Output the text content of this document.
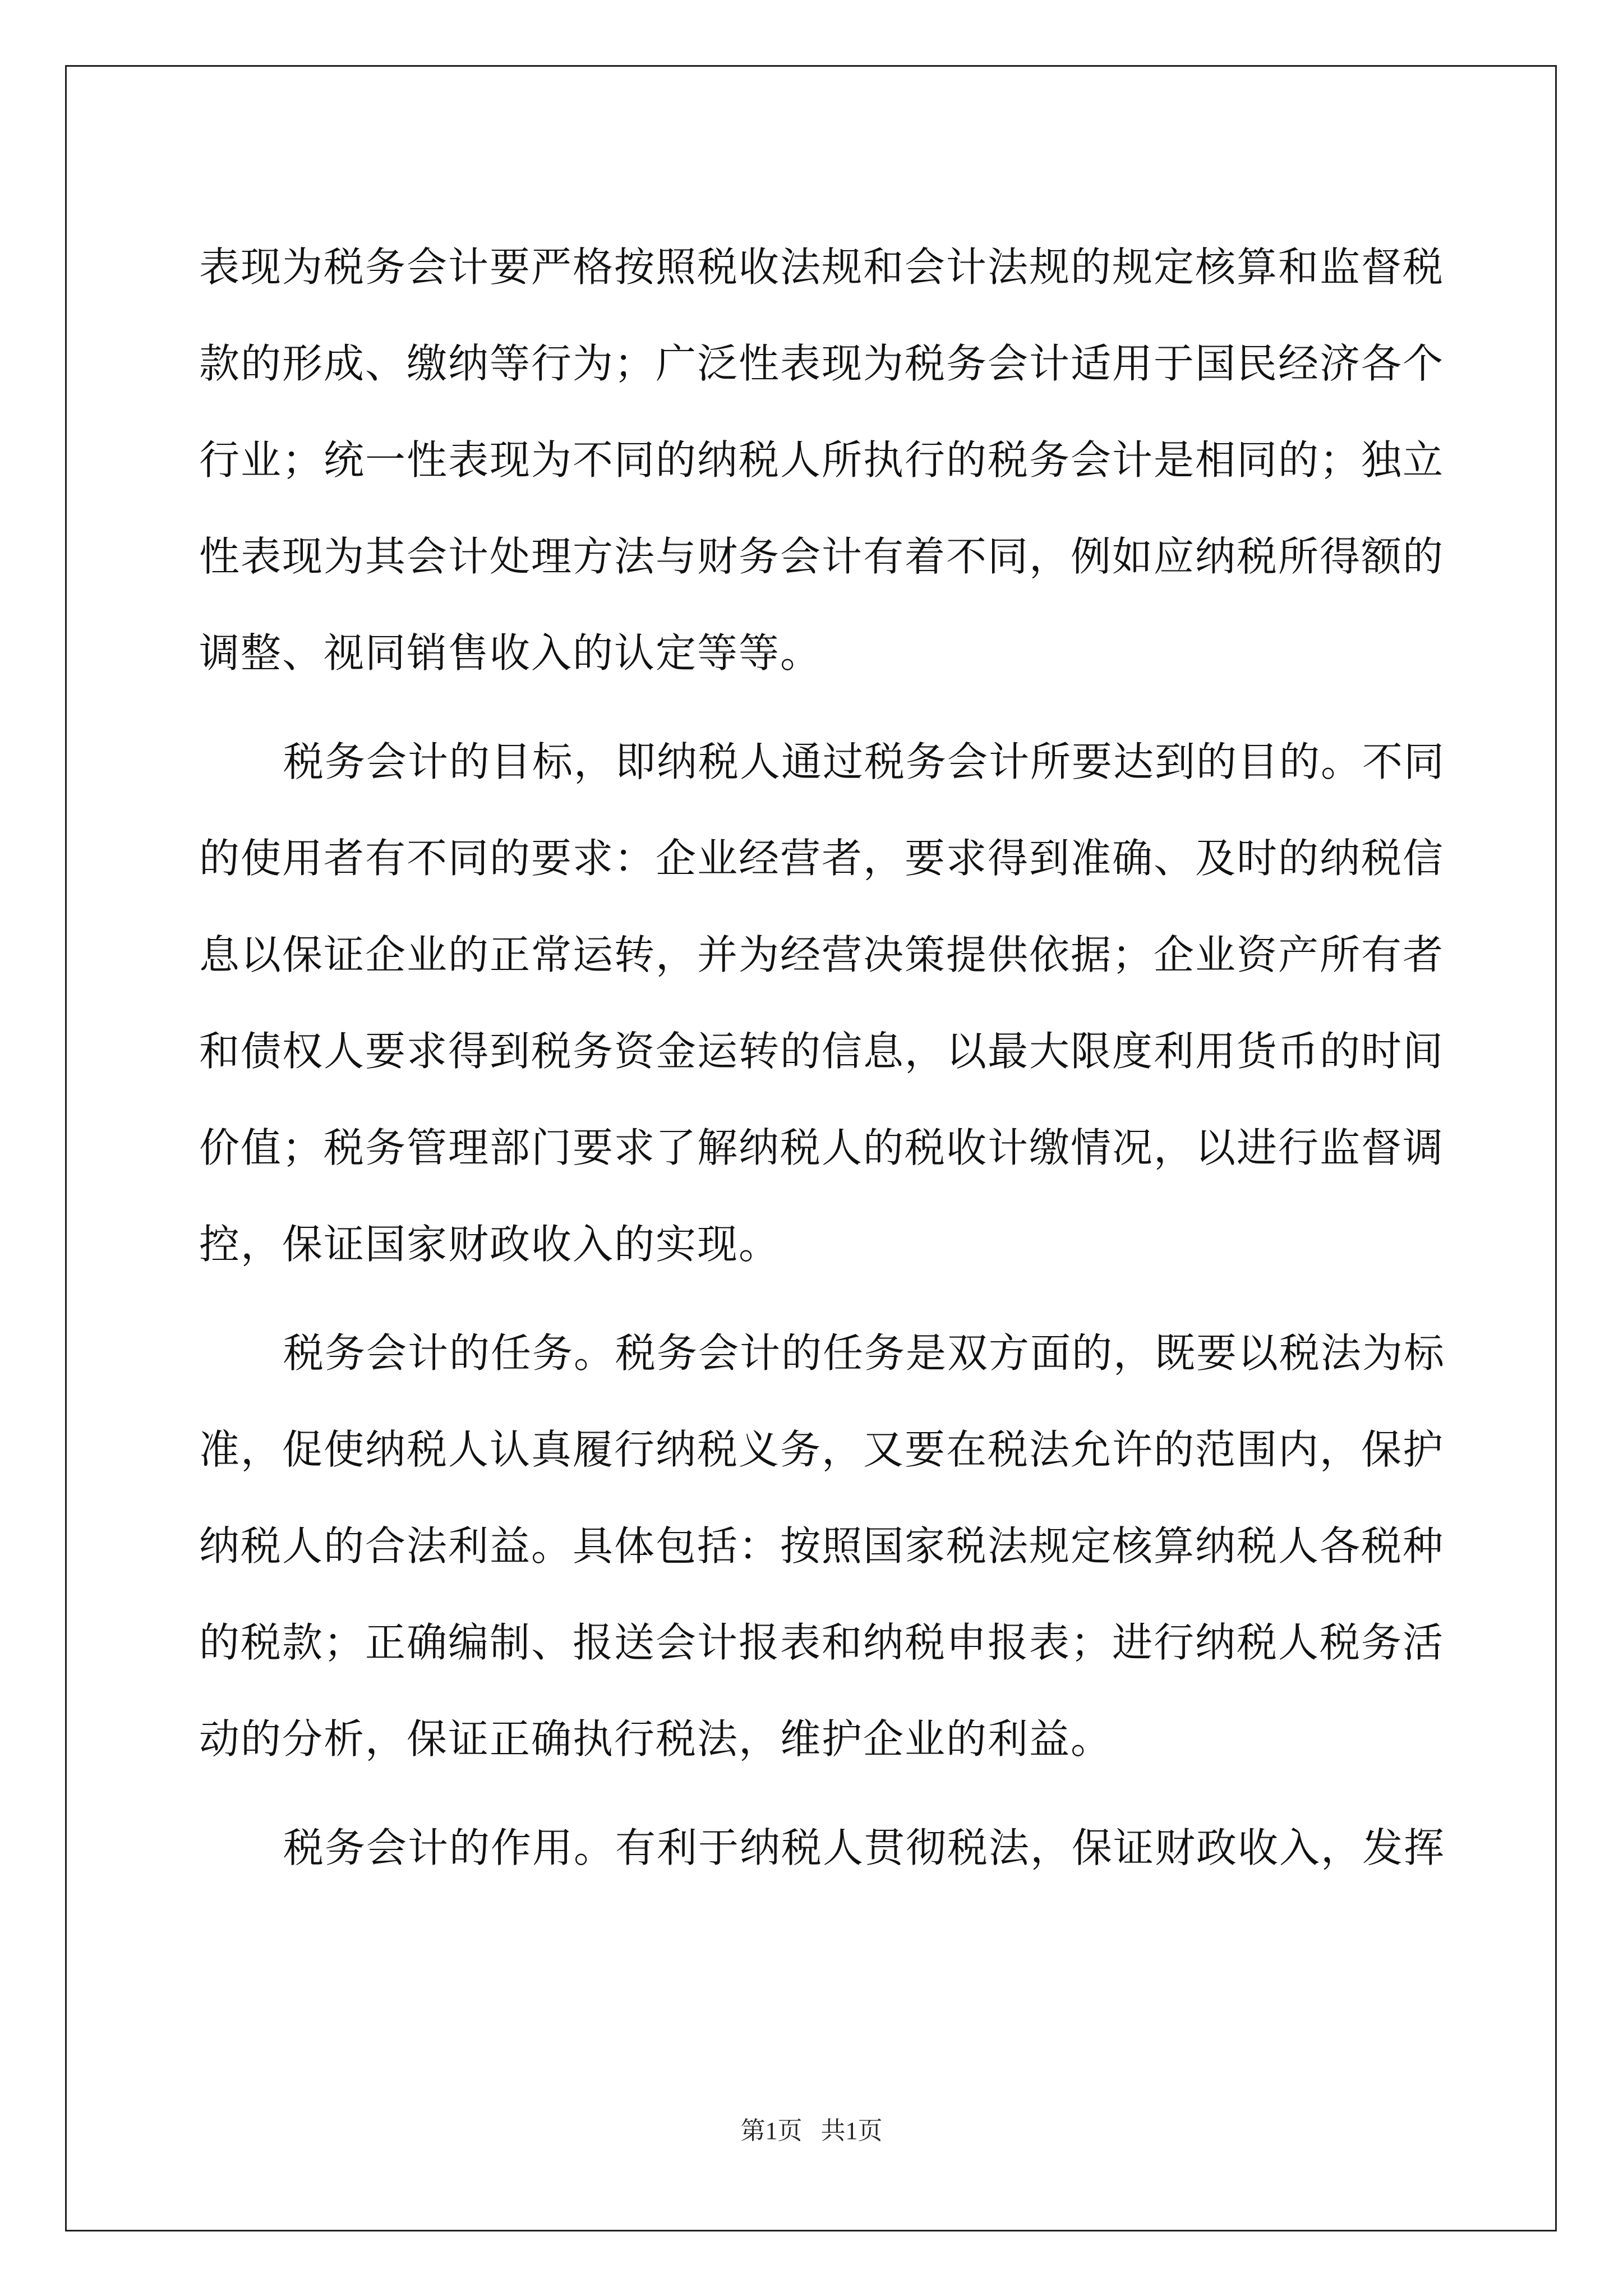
表现为税务会计要严格按照税收法规和会计法规的规定核算和监督税
款的形成、缴纳等行为；广泛性表现为税务会计适用于国民经济各个
行业；统一性表现为不同的纳税人所执行的税务会计是相同的；独立
性表现为其会计处理方法与财务会计有着不同，例如应纳税所得额的
调整、视同销售收入的认定等等。
税务会计的目标，即纳税人通过税务会计所要达到的目的。不同
的使用者有不同的要求：企业经营者，要求得到准确、及时的纳税信
息以保证企业的正常运转，并为经营决策提供依据；企业资产所有者
和债权人要求得到税务资金运转的信息，以最大限度利用货币的时间
价值；税务管理部门要求了解纳税人的税收计缴情况，以进行监督调
控，保证国家财政收入的实现。
税务会计的任务。税务会计的任务是双方面的，既要以税法为标
准，促使纳税人认真履行纳税义务，又要在税法允许的范围内，保护
纳税人的合法利益。具体包括：按照国家税法规定核算纳税人各税种
的税款；正确编制、报送会计报表和纳税申报表；进行纳税人税务活
动的分析，保证正确执行税法，维护企业的利益。
税务会计的作用。有利于纳税人贯彻税法，保证财政收入，发挥
第1页   共1页
